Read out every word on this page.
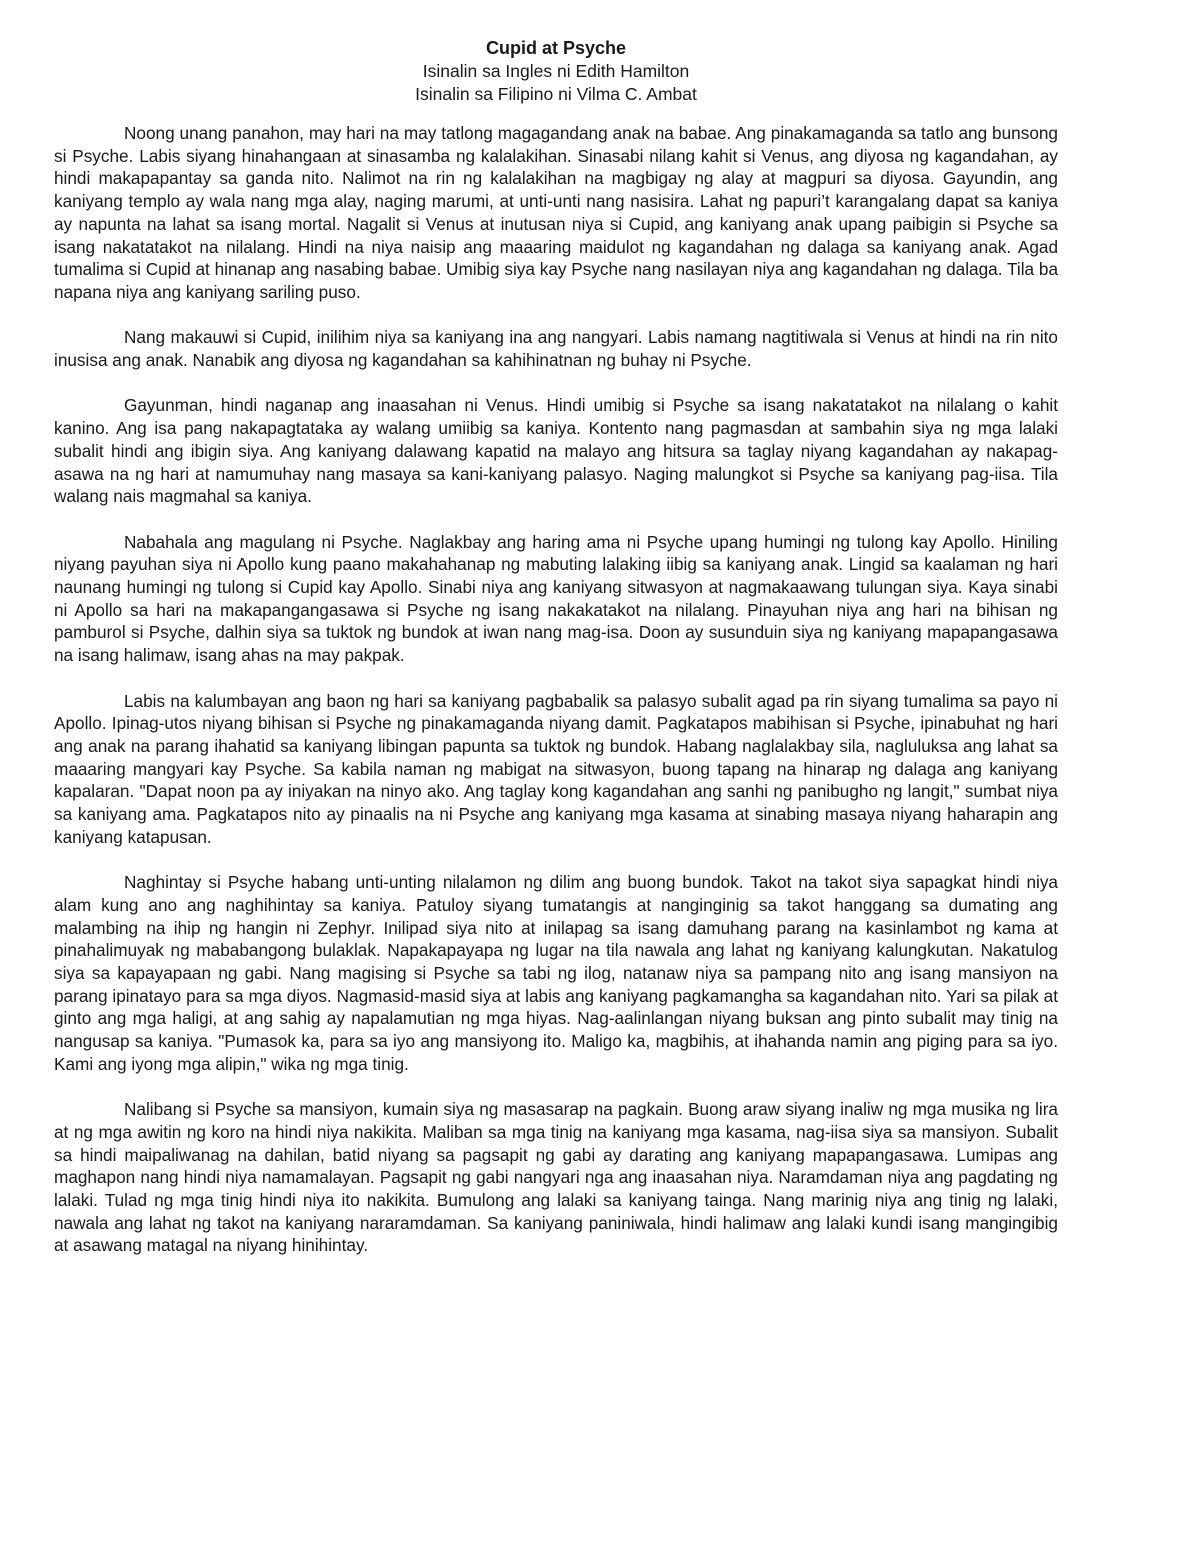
Cupid at Psyche

Isinalin sa Ingles ni Edith Hamilton

Isinalin sa Filipino ni Vilma C. Ambat

Noong unang panahon, may hari na may tatlong magagandang anak na babae. Ang pinakamaganda sa tatlo ang bunsong si Psyche. Labis siyang hinahangaan at sinasamba ng kalalakihan. Sinasabi nilang kahit si Venus, ang diyosa ng kagandahan, ay hindi makapapantay sa ganda nito. Nalimot na rin ng kalalakihan na magbigay ng alay at magpuri sa diyosa. Gayundin, ang kaniyang templo ay wala nang mga alay, naging marumi, at unti-unti nang nasisira. Lahat ng papuri’t karangalang dapat sa kaniya ay napunta na lahat sa isang mortal. Nagalit si Venus at inutusan niya si Cupid, ang kaniyang anak upang paibigin si Psyche sa isang nakatatakot na nilalang. Hindi na niya naisip ang maaaring maidulot ng kagandahan ng dalaga sa kaniyang anak. Agad tumalima si Cupid at hinanap ang nasabing babae. Umibig siya kay Psyche nang nasilayan niya ang kagandahan ng dalaga. Tila ba napana niya ang kaniyang sariling puso.

Nang makauwi si Cupid, inilihim niya sa kaniyang ina ang nangyari. Labis namang nagtitiwala si Venus at hindi na rin nito inusisa ang anak. Nanabik ang diyosa ng kagandahan sa kahihinatnan ng buhay ni Psyche.

Gayunman, hindi naganap ang inaasahan ni Venus. Hindi umibig si Psyche sa isang nakatatakot na nilalang o kahit kanino. Ang isa pang nakapagtataka ay walang umiibig sa kaniya. Kontento nang pagmasdan at sambahin siya ng mga lalaki subalit hindi ang ibigin siya. Ang kaniyang dalawang kapatid na malayo ang hitsura sa taglay niyang kagandahan ay nakapag-asawa na ng hari at namumuhay nang masaya sa kani-kaniyang palasyo. Naging malungkot si Psyche sa kaniyang pag-iisa. Tila walang nais magmahal sa kaniya.

Nabahala ang magulang ni Psyche. Naglakbay ang haring ama ni Psyche upang humingi ng tulong kay Apollo. Hiniling niyang payuhan siya ni Apollo kung paano makahahanap ng mabuting lalaking iibig sa kaniyang anak. Lingid sa kaalaman ng hari naunang humingi ng tulong si Cupid kay Apollo. Sinabi niya ang kaniyang sitwasyon at nagmakaawang tulungan siya. Kaya sinabi ni Apollo sa hari na makapangangasawa si Psyche ng isang nakakatakot na nilalang. Pinayuhan niya ang hari na bihisan ng pamburol si Psyche, dalhin siya sa tuktok ng bundok at iwan nang mag-isa. Doon ay susunduin siya ng kaniyang mapapangasawa na isang halimaw, isang ahas na may pakpak.

Labis na kalumbayan ang baon ng hari sa kaniyang pagbabalik sa palasyo subalit agad pa rin siyang tumalima sa payo ni Apollo. Ipinag-utos niyang bihisan si Psyche ng pinakamaganda niyang damit. Pagkatapos mabihisan si Psyche, ipinabuhat ng hari ang anak na parang ihahatid sa kaniyang libingan papunta sa tuktok ng bundok. Habang naglalakbay sila, nagluluksa ang lahat sa maaaring mangyari kay Psyche. Sa kabila naman ng mabigat na sitwasyon, buong tapang na hinarap ng dalaga ang kaniyang kapalaran. "Dapat noon pa ay iniyakan na ninyo ako. Ang taglay kong kagandahan ang sanhi ng panibugho ng langit," sumbat niya sa kaniyang ama. Pagkatapos nito ay pinaalis na ni Psyche ang kaniyang mga kasama at sinabing masaya niyang haharapin ang kaniyang katapusan.

Naghintay si Psyche habang unti-unting nilalamon ng dilim ang buong bundok. Takot na takot siya sapagkat hindi niya alam kung ano ang naghihintay sa kaniya. Patuloy siyang tumatangis at nanginginig sa takot hanggang sa dumating ang malambing na ihip ng hangin ni Zephyr. Inilipad siya nito at inilapag sa isang damuhang parang na kasinlambot ng kama at pinahalimuyak ng mababangong bulaklak. Napakapayapa ng lugar na tila nawala ang lahat ng kaniyang kalungkutan. Nakatulog siya sa kapayapaan ng gabi. Nang magising si Psyche sa tabi ng ilog, natanaw niya sa pampang nito ang isang mansiyon na parang ipinatayo para sa mga diyos. Nagmasid-masid siya at labis ang kaniyang pagkamangha sa kagandahan nito. Yari sa pilak at ginto ang mga haligi, at ang sahig ay napalamutian ng mga hiyas. Nag-aalinlangan niyang buksan ang pinto subalit may tinig na nangusap sa kaniya. "Pumasok ka, para sa iyo ang mansiyong ito. Maligo ka, magbihis, at ihahanda namin ang piging para sa iyo. Kami ang iyong mga alipin," wika ng mga tinig.

Nalibang si Psyche sa mansiyon, kumain siya ng masasarap na pagkain. Buong araw siyang inaliw ng mga musika ng lira at ng mga awitin ng koro na hindi niya nakikita. Maliban sa mga tinig na kaniyang mga kasama, nag-iisa siya sa mansiyon. Subalit sa hindi maipaliwanag na dahilan, batid niyang sa pagsapit ng gabi ay darating ang kaniyang mapapangasawa. Lumipas ang maghapon nang hindi niya namamalayan. Pagsapit ng gabi nangyari nga ang inaasahan niya. Naramdaman niya ang pagdating ng lalaki. Tulad ng mga tinig hindi niya ito nakikita. Bumulong ang lalaki sa kaniyang tainga. Nang marinig niya ang tinig ng lalaki, nawala ang lahat ng takot na kaniyang nararamdaman. Sa kaniyang paniniwala, hindi halimaw ang lalaki kundi isang mangingibig at asawang matagal na niyang hinihintay.
